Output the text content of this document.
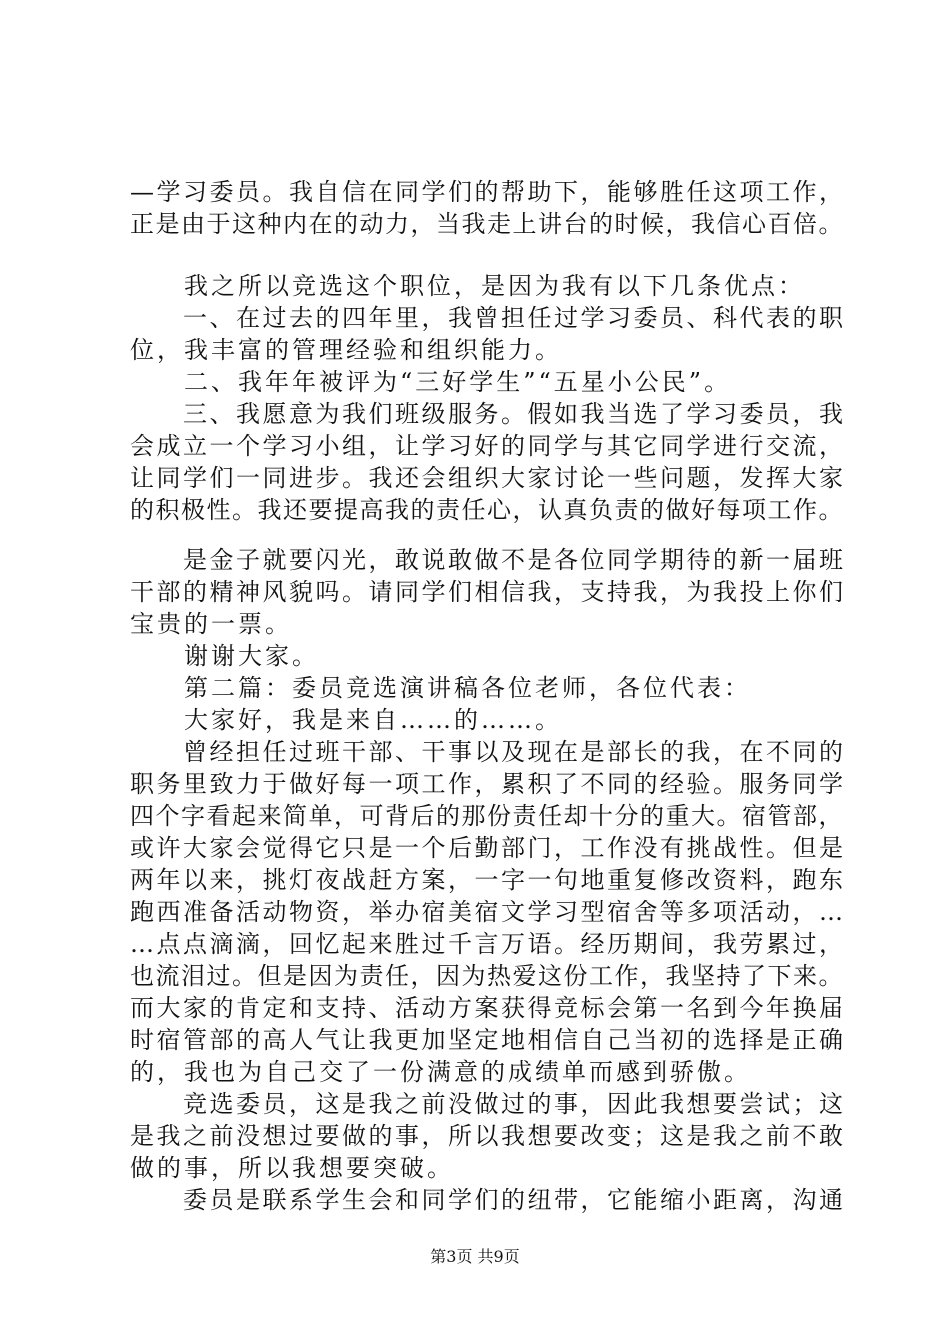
—学习委员。我自信在同学们的帮助下，能够胜任这项工作，
正是由于这种内在的动力，当我走上讲台的时候，我信心百倍。
　　我之所以竞选这个职位，是因为我有以下几条优点：
　　一、在过去的四年里，我曾担任过学习委员、科代表的职
位，我丰富的管理经验和组织能力。
　　二、我年年被评为“三好学生”“五星小公民”。
　　三、我愿意为我们班级服务。假如我当选了学习委员，我
会成立一个学习小组，让学习好的同学与其它同学进行交流，
让同学们一同进步。我还会组织大家讨论一些问题，发挥大家
的积极性。我还要提高我的责任心，认真负责的做好每项工作。
　　是金子就要闪光，敢说敢做不是各位同学期待的新一届班
干部的精神风貌吗。请同学们相信我，支持我，为我投上你们
宝贵的一票。
　　谢谢大家。
　　第二篇：委员竞选演讲稿各位老师，各位代表：
　　大家好，我是来自……的……。
　　曾经担任过班干部、干事以及现在是部长的我，在不同的
职务里致力于做好每一项工作，累积了不同的经验。服务同学
四个字看起来简单，可背后的那份责任却十分的重大。宿管部，
或许大家会觉得它只是一个后勤部门，工作没有挑战性。但是
两年以来，挑灯夜战赶方案，一字一句地重复修改资料，跑东
跑西准备活动物资，举办宿美宿文学习型宿舍等多项活动，…
…点点滴滴，回忆起来胜过千言万语。经历期间，我劳累过，
也流泪过。但是因为责任，因为热爱这份工作，我坚持了下来。
而大家的肯定和支持、活动方案获得竞标会第一名到今年换届
时宿管部的高人气让我更加坚定地相信自己当初的选择是正确
的，我也为自己交了一份满意的成绩单而感到骄傲。
　　竞选委员，这是我之前没做过的事，因此我想要尝试；这
是我之前没想过要做的事，所以我想要改变；这是我之前不敢
做的事，所以我想要突破。
　　委员是联系学生会和同学们的纽带，它能缩小距离，沟通
第3页 共9页
